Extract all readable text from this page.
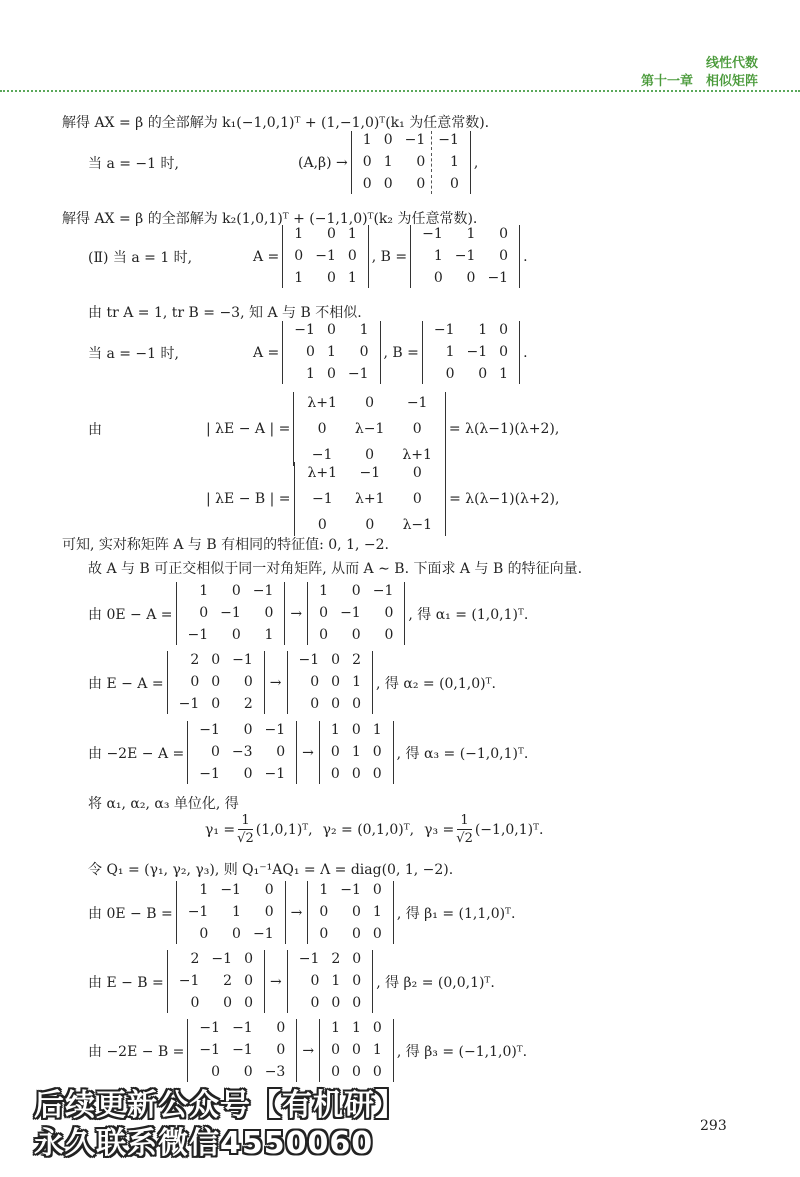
线性代数
第十一章　相似矩阵
解得 AX = β 的全部解为 k₁(−1,0,1)ᵀ + (1,−1,0)ᵀ(k₁ 为任意常数).
当 a = −1 时,	(A,β) →
1 0 −1 −1
0 1	0	1
0 0	0	0
,
解得 AX = β 的全部解为 k₂(1,0,1)ᵀ + (−1,1,0)ᵀ(k₂ 为任意常数).
(Ⅱ) 当 a = 1 时,	A =
1	0 1
0 −1 0
1	0 1
, B =
−1	1	0
1 −1	0
0	0 −1
.
由 tr A = 1, tr B = −3, 知 A 与 B 不相似.
当 a = −1 时,	A =
−1 0	1
0 1	0
1 0 −1
, B =
−1	1 0
1 −1 0
0	0 1
.
由	| λE − A | =
λ+1	0	−1
0	λ−1	0
−1	0	λ+1
= λ(λ−1)(λ+2),
| λE − B | =
λ+1	−1	0
−1	λ+1	0
0	0	λ−1
= λ(λ−1)(λ+2),
可知, 实对称矩阵 A 与 B 有相同的特征值: 0, 1, −2.
故 A 与 B 可正交相似于同一对角矩阵, 从而 A ∼ B. 下面求 A 与 B 的特征向量.
由 0E − A =
1	0 −1
0 −1	0
−1	0	1
→
1	0 −1
0 −1	0
0	0	0
, 得 α₁ = (1,0,1)ᵀ.
由 E − A =
2 0 −1
0 0	0
−1 0	2
→
−1 0 2
0 0 1
0 0 0
, 得 α₂ = (0,1,0)ᵀ.
由 −2E − A =
−1	0 −1
0 −3	0
−1	0 −1
→
1 0 1
0 1 0
0 0 0
, 得 α₃ = (−1,0,1)ᵀ.
将 α₁, α₂, α₃ 单位化, 得
$\gamma_1 = \frac{1}{√2}$ (1,0,1)ᵀ, γ₂ = (0,1,0)ᵀ, $\gamma_3 = \frac{1}{√2}$ (−1,0,1)ᵀ.
令 Q₁ = (γ₁, γ₂, γ₃), 则 Q₁⁻¹AQ₁ = Λ = diag(0, 1, −2).
由 0E − B =
1 −1	0
−1	1	0
0	0 −1
→
1 −1 0
0	0 1
0	0 0
, 得 β₁ = (1,1,0)ᵀ.
由 E − B =
2 −1 0
−1	2 0
0	0 0
→
−1 2 0
0 1 0
0 0 0
, 得 β₂ = (0,0,1)ᵀ.
由 −2E − B =
−1 −1	0
−1 −1	0
0	0 −3
→
1 1 0
0 0 1
0 0 0
, 得 β₃ = (−1,1,0)ᵀ.
后续更新公众号【有机研】
永久联系微信4550060	293
